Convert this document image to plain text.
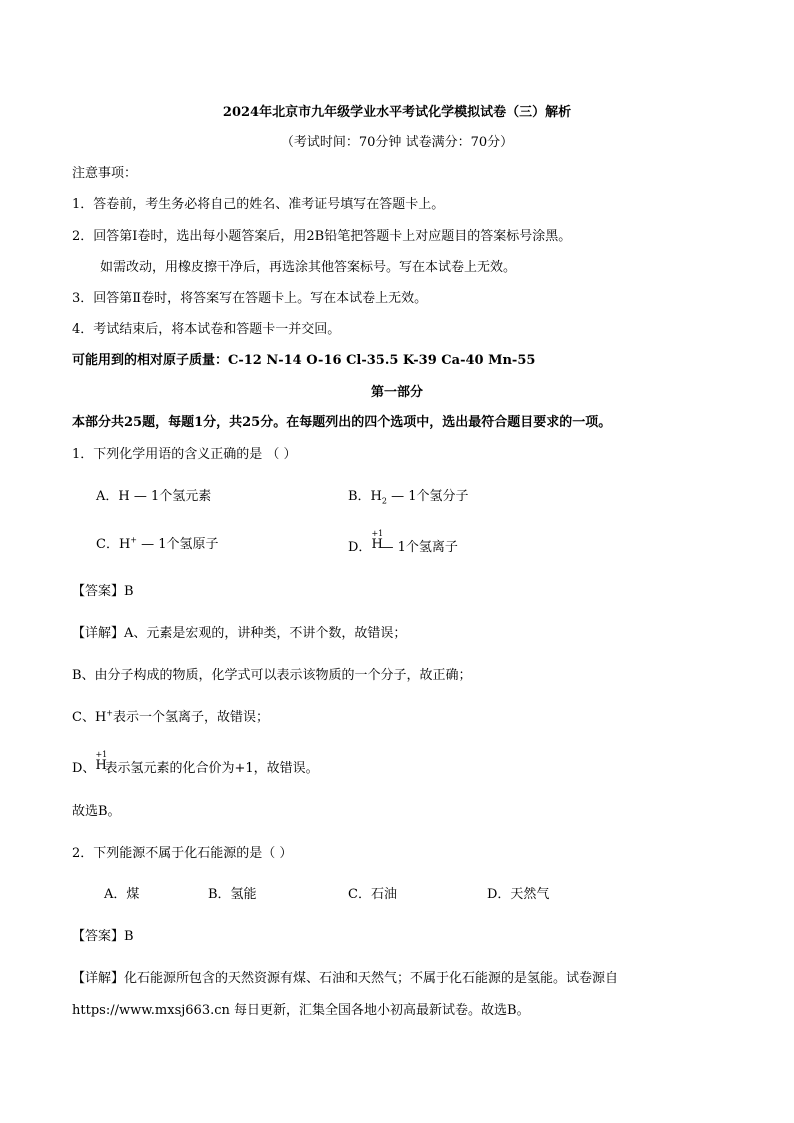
2024年北京市九年级学业水平考试化学模拟试卷（三）解析
（考试时间：70分钟 试卷满分：70分）
注意事项：
1．答卷前，考生务必将自己的姓名、准考证号填写在答题卡上。
2．回答第Ⅰ卷时，选出每小题答案后，用2B铅笔把答题卡上对应题目的答案标号涂黑。
如需改动，用橡皮擦干净后，再选涂其他答案标号。写在本试卷上无效。
3．回答第Ⅱ卷时，将答案写在答题卡上。写在本试卷上无效。
4．考试结束后，将本试卷和答题卡一并交回。
可能用到的相对原子质量：C-12 N-14 O-16 Cl-35.5 K-39 Ca-40 Mn-55
第一部分
本部分共25题，每题1分，共25分。在每题列出的四个选项中，选出最符合题目要求的一项。
1．下列化学用语的含义正确的是 （ ）
A．H — 1个氢元素	B．$H_2$ — 1个氢分子
C．H+ — 1个氢原子	D．
+1
H
— 1个氢离子
【答案】B
【详解】A、元素是宏观的，讲种类，不讲个数，故错误；
B、由分子构成的物质，化学式可以表示该物质的一个分子，故正确；
C、H+表示一个氢离子，故错误；
D、
+1
H
表示氢元素的化合价为+1，故错误。
故选B。
2．下列能源不属于化石能源的是（ ）
A．煤	B．氢能	C．石油	D．天然气
【答案】B
【详解】化石能源所包含的天然资源有煤、石油和天然气；不属于化石能源的是氢能。试卷源自
https://www.mxsj663.cn 每日更新，汇集全国各地小初高最新试卷。故选B。
